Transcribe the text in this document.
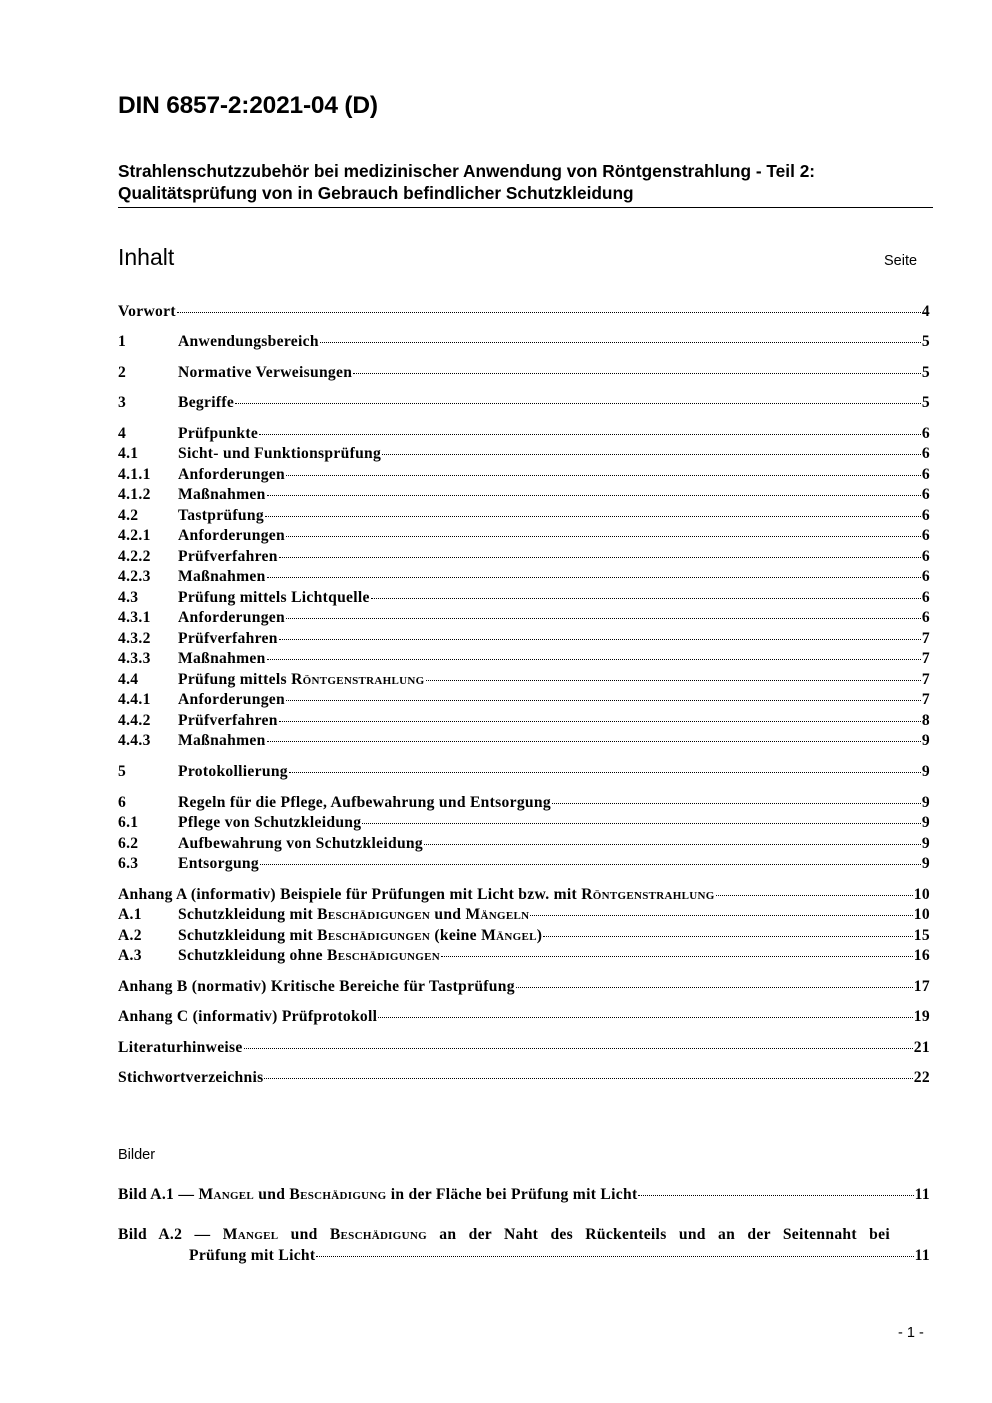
DIN 6857-2:2021-04 (D)
Strahlenschutzzubehör bei medizinischer Anwendung von Röntgenstrahlung - Teil 2:
Qualitätsprüfung von in Gebrauch befindlicher Schutzkleidung
Inhalt	Seite
Vorwort	4
1	Anwendungsbereich	5
2	Normative Verweisungen	5
3	Begriffe	5
4	Prüfpunkte	6
4.1	Sicht- und Funktionsprüfung	6
4.1.1	Anforderungen	6
4.1.2	Maßnahmen	6
4.2	Tastprüfung	6
4.2.1	Anforderungen	6
4.2.2	Prüfverfahren	6
4.2.3	Maßnahmen	6
4.3	Prüfung mittels Lichtquelle	6
4.3.1	Anforderungen	6
4.3.2	Prüfverfahren	7
4.3.3	Maßnahmen	7
4.4	Prüfung mittels Röntgenstrahlung	7
4.4.1	Anforderungen	7
4.4.2	Prüfverfahren	8
4.4.3	Maßnahmen	9
5	Protokollierung	9
6	Regeln für die Pflege, Aufbewahrung und Entsorgung	9
6.1	Pflege von Schutzkleidung	9
6.2	Aufbewahrung von Schutzkleidung	9
6.3	Entsorgung	9
Anhang A (informativ) Beispiele für Prüfungen mit Licht bzw. mit Röntgenstrahlung	10
A.1	Schutzkleidung mit Beschädigungen und Mängeln	10
A.2	Schutzkleidung mit Beschädigungen (keine Mängel)	15
A.3	Schutzkleidung ohne Beschädigungen	16
Anhang B (normativ) Kritische Bereiche für Tastprüfung	17
Anhang C (informativ) Prüfprotokoll	19
Literaturhinweise	21
Stichwortverzeichnis	22
Bilder
Bild A.1 — Mangel und Beschädigung in der Fläche bei Prüfung mit Licht	11
Bild A.2 — Mangel und Beschädigung an der Naht des Rückenteils und an der Seitennaht bei
Prüfung mit Licht	11
- 1 -
